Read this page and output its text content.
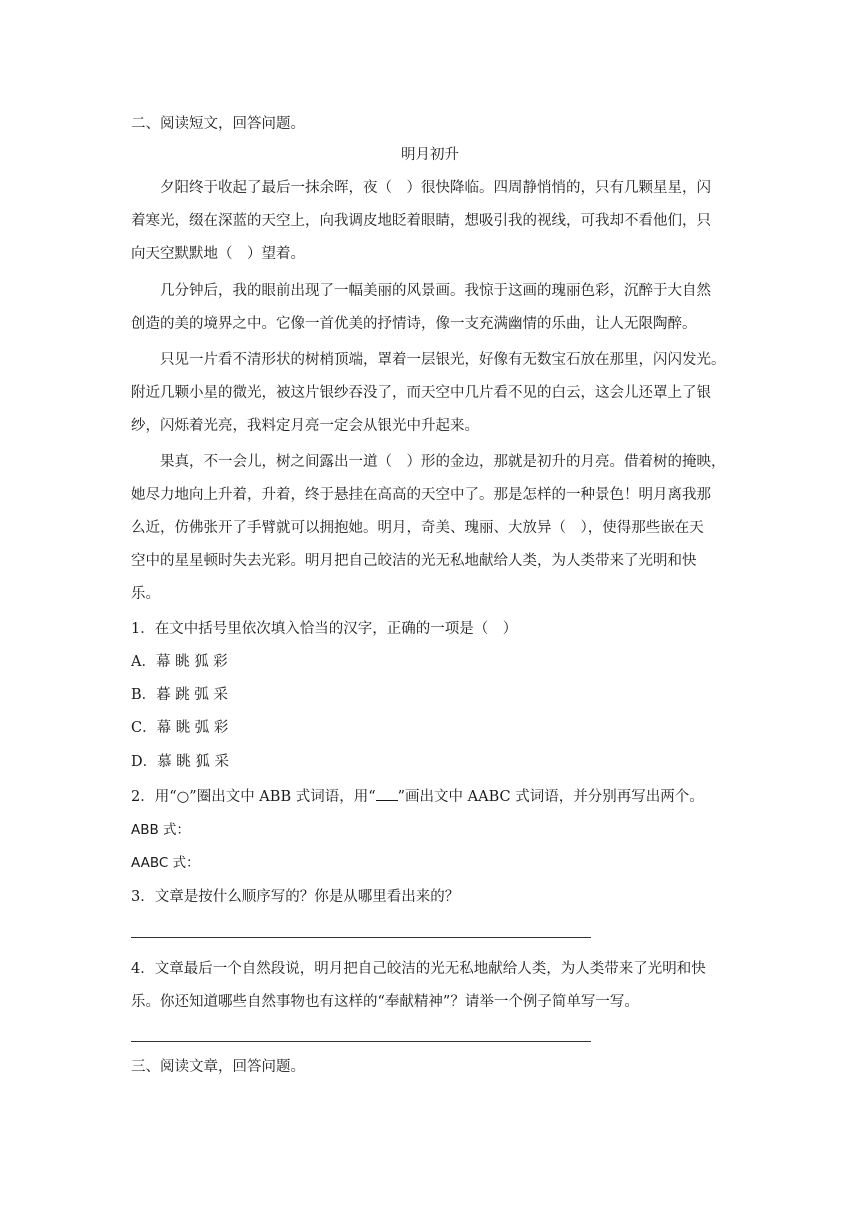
二、阅读短文，回答问题。
明月初升
夕阳终于收起了最后一抹余晖，夜（　）很快降临。四周静悄悄的，只有几颗星星，闪
着寒光，缀在深蓝的天空上，向我调皮地眨着眼睛，想吸引我的视线，可我却不看他们，只
向天空默默地（　）望着。
几分钟后，我的眼前出现了一幅美丽的风景画。我惊于这画的瑰丽色彩，沉醉于大自然
创造的美的境界之中。它像一首优美的抒情诗，像一支充满幽情的乐曲，让人无限陶醉。
只见一片看不清形状的树梢顶端，罩着一层银光，好像有无数宝石放在那里，闪闪发光。
附近几颗小星的微光，被这片银纱吞没了，而天空中几片看不见的白云，这会儿还罩上了银
纱，闪烁着光亮，我料定月亮一定会从银光中升起来。
果真，不一会儿，树之间露出一道（　）形的金边，那就是初升的月亮。借着树的掩映，
她尽力地向上升着，升着，终于悬挂在高高的天空中了。那是怎样的一种景色！明月离我那
么近，仿佛张开了手臂就可以拥抱她。明月，奇美、瑰丽、大放异（　），使得那些嵌在天
空中的星星顿时失去光彩。明月把自己皎洁的光无私地献给人类，为人类带来了光明和快
乐。
1．在文中括号里依次填入恰当的汉字，正确的一项是（　）
A．幕 眺 狐 彩
B．暮 跳 弧 采
C．幕 眺 弧 彩
D．慕 眺 狐 采
2．用“○”圈出文中 ABB 式词语，用“ ”画出文中 AABC 式词语，并分别再写出两个。
ABB 式：
AABC 式：
3．文章是按什么顺序写的？你是从哪里看出来的？
4．文章最后一个自然段说，明月把自己皎洁的光无私地献给人类，为人类带来了光明和快
乐。你还知道哪些自然事物也有这样的“奉献精神”？请举一个例子简单写一写。
三、阅读文章，回答问题。
